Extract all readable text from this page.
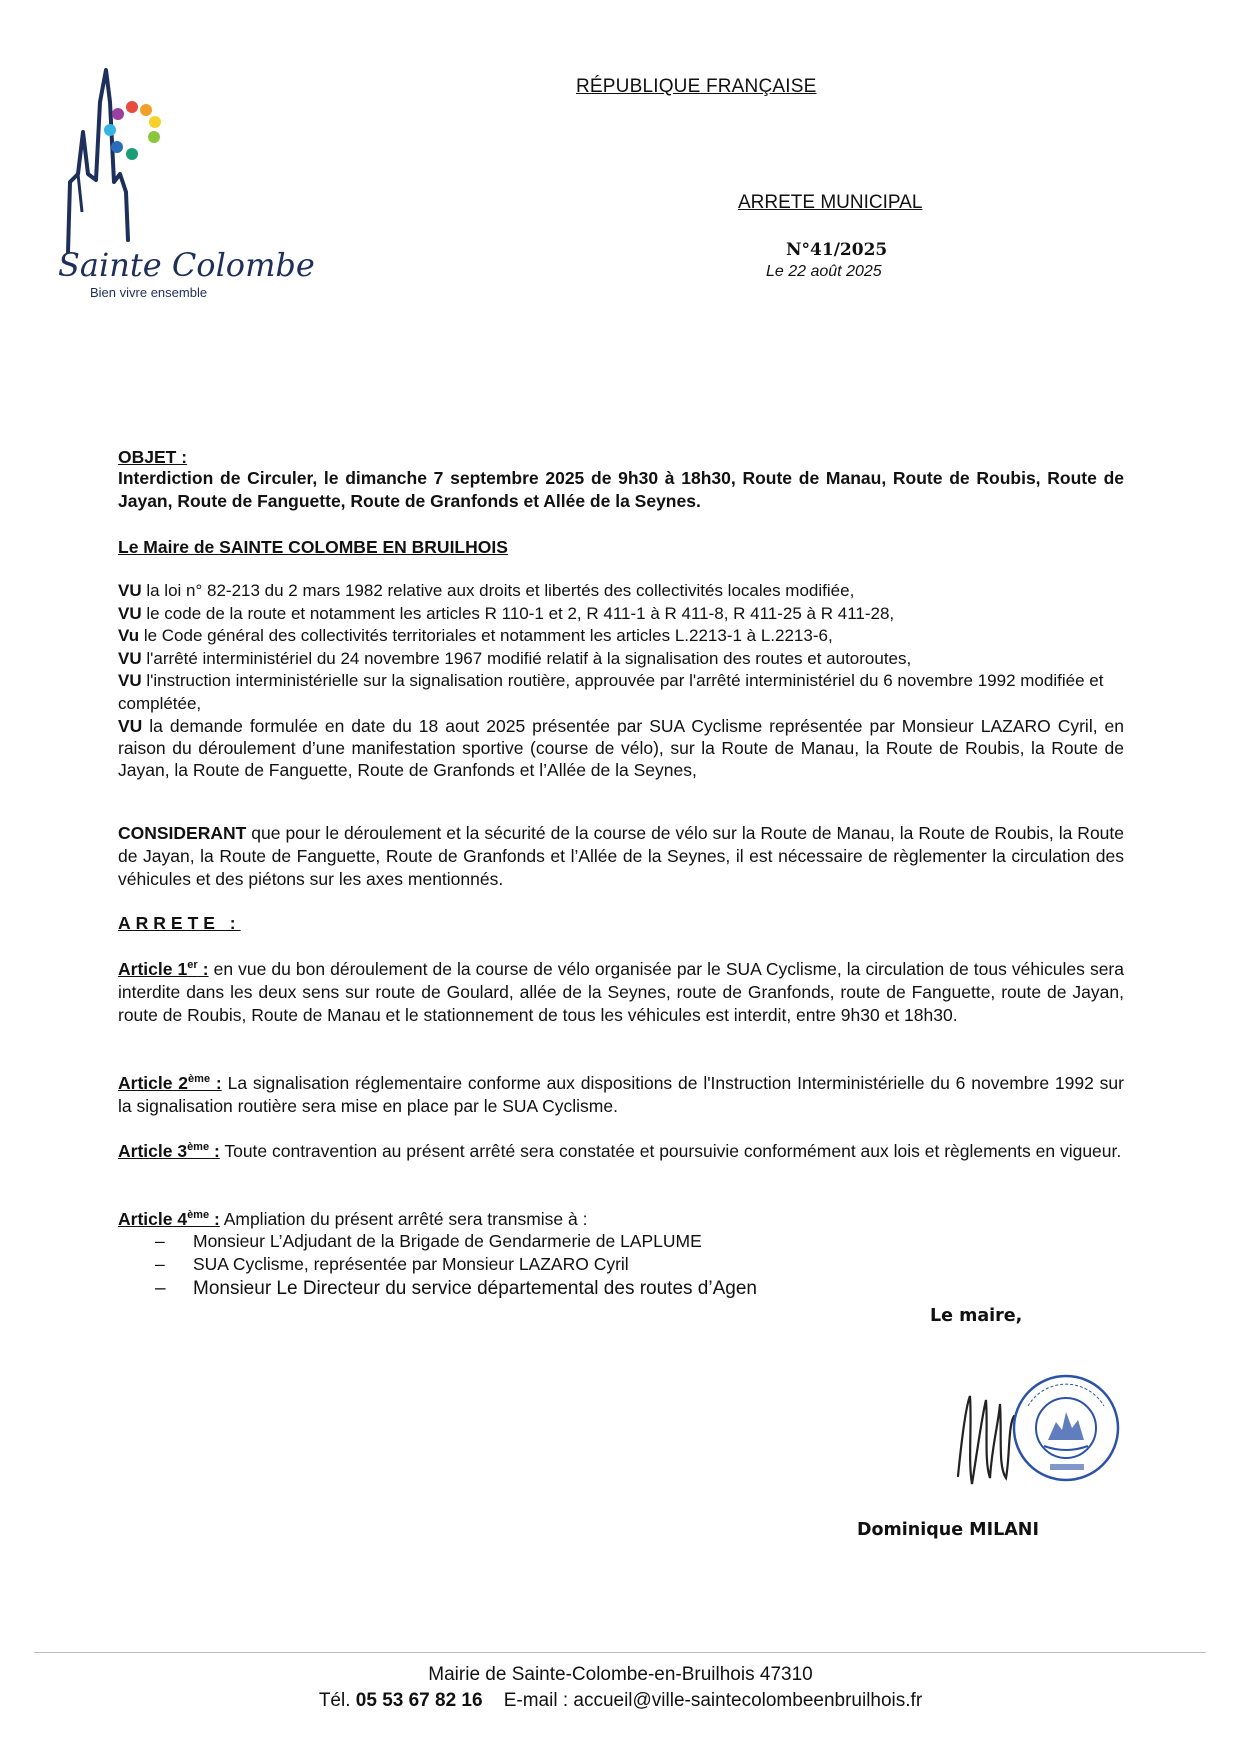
Sainte Colombe
Bien vivre ensemble
RÉPUBLIQUE FRANÇAISE
ARRETE MUNICIPAL
N°41/2025
Le 22 août 2025
OBJET :
Interdiction de Circuler, le dimanche 7 septembre 2025 de 9h30 à 18h30, Route de Manau, Route de Roubis, Route de Jayan, Route de Fanguette, Route de Granfonds et Allée de la Seynes.
Le Maire de SAINTE COLOMBE EN BRUILHOIS
VU la loi n° 82-213 du 2 mars 1982 relative aux droits et libertés des collectivités locales modifiée,
VU le code de la route et notamment les articles R 110-1 et 2, R 411-1 à R 411-8, R 411-25 à R 411-28,
Vu le Code général des collectivités territoriales et notamment les articles L.2213-1 à L.2213-6,
VU l'arrêté interministériel du 24 novembre 1967 modifié relatif à la signalisation des routes et autoroutes,
VU l'instruction interministérielle sur la signalisation routière, approuvée par l'arrêté interministériel du 6 novembre 1992 modifiée et complétée,
VU la demande formulée en date du 18 aout 2025 présentée par SUA Cyclisme représentée par Monsieur LAZARO Cyril, en raison du déroulement d’une manifestation sportive (course de vélo), sur la Route de Manau, la Route de Roubis, la Route de Jayan, la Route de Fanguette, Route de Granfonds et l’Allée de la Seynes,
CONSIDERANT que pour le déroulement et la sécurité de la course de vélo sur la Route de Manau, la Route de Roubis, la Route de Jayan, la Route de Fanguette, Route de Granfonds et l’Allée de la Seynes, il est nécessaire de règlementer la circulation des véhicules et des piétons sur les axes mentionnés.
ARRETE :
Article 1er : en vue du bon déroulement de la course de vélo organisée par le SUA Cyclisme, la circulation de tous véhicules sera interdite dans les deux sens sur route de Goulard, allée de la Seynes, route de Granfonds, route de Fanguette, route de Jayan, route de Roubis, Route de Manau et le stationnement de tous les véhicules est interdit, entre 9h30 et 18h30.
Article 2ème : La signalisation réglementaire conforme aux dispositions de l'Instruction Interministérielle du 6 novembre 1992 sur la signalisation routière sera mise en place par le SUA Cyclisme.
Article 3ème : Toute contravention au présent arrêté sera constatée et poursuivie conformément aux lois et règlements en vigueur.
Article 4ème : Ampliation du présent arrêté sera transmise à :
– Monsieur L’Adjudant de la Brigade de Gendarmerie de LAPLUME
– SUA Cyclisme, représentée par Monsieur LAZARO Cyril
– Monsieur Le Directeur du service départemental des routes d’Agen
Le maire,
Dominique MILANI
Mairie de Sainte-Colombe-en-Bruilhois 47310
Tél. 05 53 67 82 16 E-mail : accueil@ville-saintecolombeenbruilhois.fr
